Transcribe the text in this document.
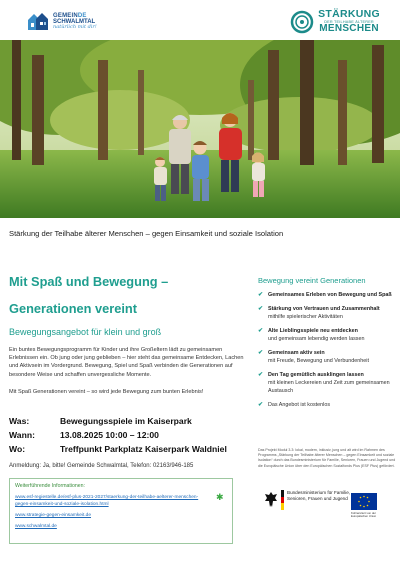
GEMEINDE
SCHWALMTAL
natürlich mit dir!
STÄRKUNG
DER TEILHABE ÄLTERER
MENSCHEN
Stärkung der Teilhabe älterer Menschen – gegen Einsamkeit und soziale Isolation
Mit Spaß und Bewegung –
Generationen vereint
Bewegungsangebot für klein und groß
Ein buntes Bewegungsprogramm für Kinder und ihre Großeltern lädt zu gemeinsamen Erlebnissen ein. Ob jung oder jung geblieben – hier steht das gemeinsame Entdecken, Lachen und Aktivsein im Vordergrund. Bewegung, Spiel und Spaß verbinden die Generationen auf besondere Weise und schaffen unvergessliche Momente.
Mit Spaß Generationen vereint – so wird jede Bewegung zum bunten Erlebnis!
Was:	Bewegungsspiele im Kaiserpark
Wann:	13.08.2025 10:00 – 12:00
Wo:	Treffpunkt Parkplatz Kaiserpark Waldniel
Anmeldung: Ja, bitte! Gemeinde Schwalmtal, Telefon: 02163/946-185
Weiterführende Informationen:
www.esf-regiestelle.de/esf-plus-2021-2027/staerkung-der-teilhabe-aelterer-menschen-
gegen-einsamkeit-und-soziale-isolation.html
www.strategie-gegen-einsamkeit.de
www.schwalmtal.de
✱
Bewegung vereint Generationen
✔ Gemeinsames Erleben von Bewegung und Spaß
✔ Stärkung von Vertrauen und Zusammenhalt
mithilfe spielerischer Aktivitäten
✔ Alte Lieblingsspiele neu entdecken
und gemeinsam lebendig werden lassen
✔ Gemeinsam aktiv sein
mit Freude, Bewegung und Verbundenheit
✔ Den Tag gemütlich ausklingen lassen
mit kleinen Leckereien und Zeit zum gemeinsamen Austausch
✔ Das Angebot ist kostenlos
Das Projekt Modul 3.3: lokal, modern, inklusiv, jung und alt wird im Rahmen des Programms „Stärkung der Teilhabe älterer Menschen – gegen Einsamkeit und soziale Isolation“ durch das Bundesministerium für Familie, Senioren, Frauen und Jugend und die Europäische Union über den Europäischen Sozialfonds Plus (ESF Plus) gefördert.
Bundesministerium für Familie, Senioren, Frauen und Jugend
Kofinanziert von der Europäischen Union
